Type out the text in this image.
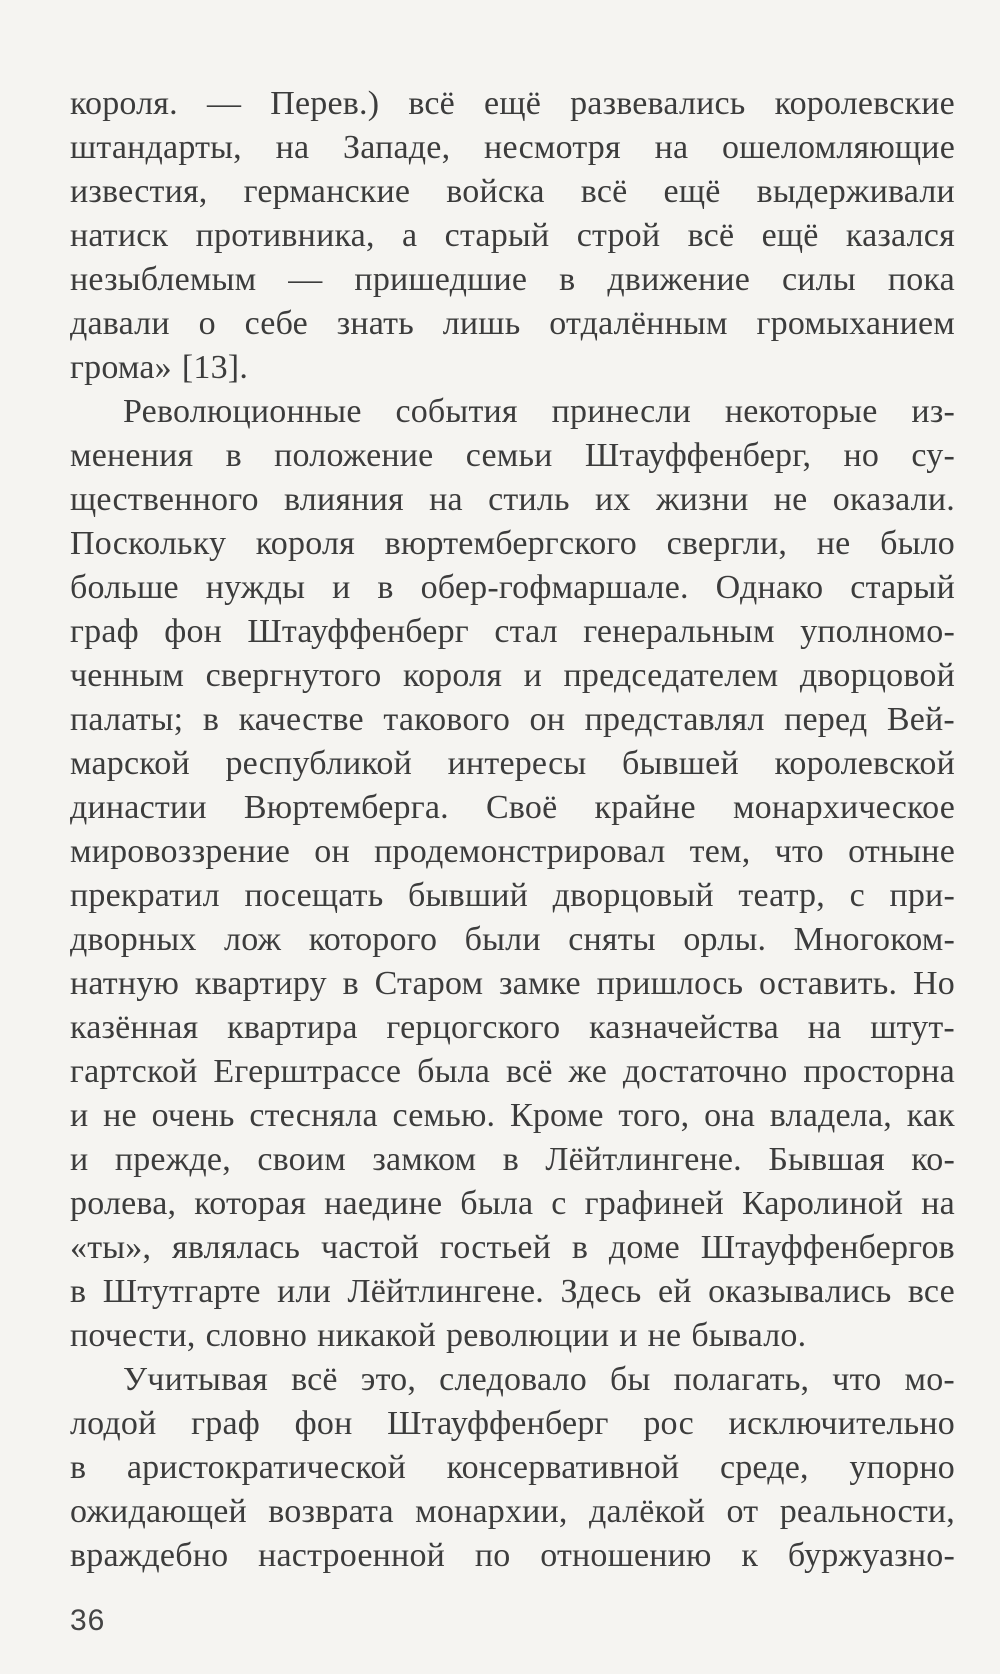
короля. — Перев.) всё ещё развевались королевские
штандарты, на Западе, несмотря на ошеломляющие
известия, германские войска всё ещё выдерживали
натиск противника, а старый строй всё ещё казался
незыблемым — пришедшие в движение силы пока
давали о себе знать лишь отдалённым громыханием
грома» [13].
Революционные события принесли некоторые из-
менения в положение семьи Штауффенберг, но су-
щественного влияния на стиль их жизни не оказали.
Поскольку короля вюртембергского свергли, не было
больше нужды и в обер-гофмаршале. Однако старый
граф фон Штауффенберг стал генеральным уполномо-
ченным свергнутого короля и председателем дворцовой
палаты; в качестве такового он представлял перед Вей-
марской республикой интересы бывшей королевской
династии Вюртемберга. Своё крайне монархическое
мировоззрение он продемонстрировал тем, что отныне
прекратил посещать бывший дворцовый театр, с при-
дворных лож которого были сняты орлы. Многоком-
натную квартиру в Старом замке пришлось оставить. Но
казённая квартира герцогского казначейства на штут-
гартской Егерштрассе была всё же достаточно просторна
и не очень стесняла семью. Кроме того, она владела, как
и прежде, своим замком в Лёйтлингене. Бывшая ко-
ролева, которая наедине была с графиней Каролиной на
«ты», являлась частой гостьей в доме Штауффенбергов
в Штутгарте или Лёйтлингене. Здесь ей оказывались все
почести, словно никакой революции и не бывало.
Учитывая всё это, следовало бы полагать, что мо-
лодой граф фон Штауффенберг рос исключительно
в аристократической консервативной среде, упорно
ожидающей возврата монархии, далёкой от реальности,
враждебно настроенной по отношению к буржуазно-
36
